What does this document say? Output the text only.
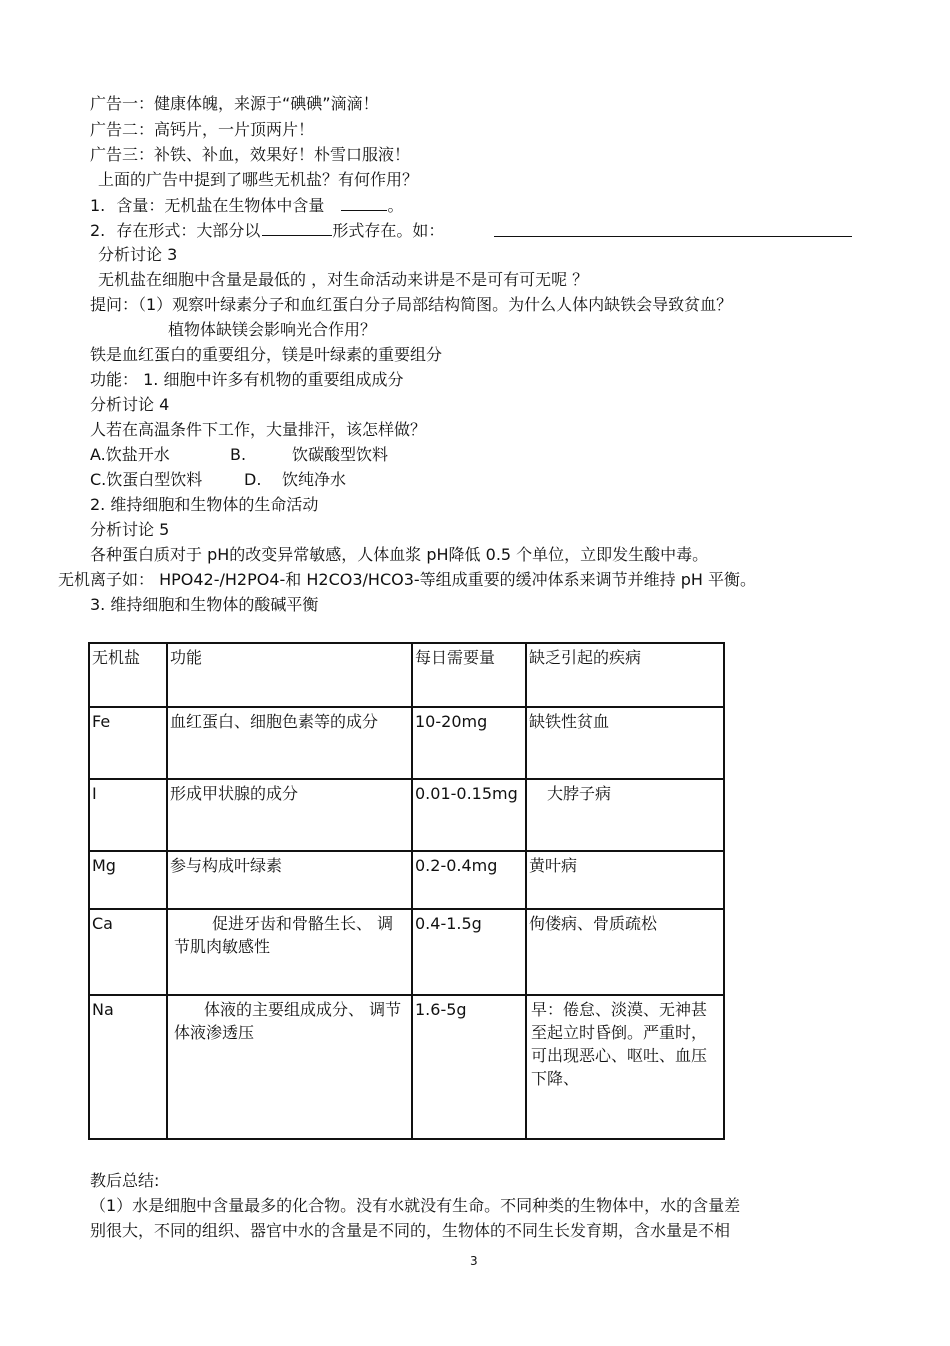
广告一：健康体魄，来源于“碘碘”滴滴！
广告二：高钙片，一片顶两片！
广告三：补铁、补血，效果好！朴雪口服液！
上面的广告中提到了哪些无机盐？有何作用？
1. 含量：无机盐在生物体中含量	。
2. 存在形式：大部分以	形式存在。如：
分析讨论 3
无机盐在细胞中含量是最低的 ，对生命活动来讲是不是可有可无呢 ？
提问：（1）观察叶绿素分子和血红蛋白分子局部结构简图。为什么人体内缺铁会导致贫血？
植物体缺镁会影响光合作用？
铁是血红蛋白的重要组分，镁是叶绿素的重要组分
功能： 1. 细胞中许多有机物的重要组成成分
分析讨论 4
人若在高温条件下工作，大量排汗，该怎样做？
A.饮盐开水	B.	饮碳酸型饮料
C.饮蛋白型饮料	D. 饮纯净水
2. 维持细胞和生物体的生命活动
分析讨论 5
各种蛋白质对于 pH的改变异常敏感，人体血浆 pH降低 0.5 个单位，立即发生酸中毒。
无机离子如： HPO42-/H2PO4-和 H2CO3/HCO3-等组成重要的缓冲体系来调节并维持 pH 平衡。
3. 维持细胞和生物体的酸碱平衡
无机盐	功能	每日需要量	缺乏引起的疾病
Fe	血红蛋白、细胞色素等的成分	10-20mg	缺铁性贫血
I	形成甲状腺的成分	0.01-0.15mg	大脖子病
Mg	参与构成叶绿素	0.2-0.4mg	黄叶病
Ca	促进牙齿和骨骼生长、 调节肌肉敏感性	0.4-1.5g	佝偻病、骨质疏松
Na	体液的主要组成成分、 调节体液渗透压	1.6-5g	早：倦怠、淡漠、无神甚至起立时昏倒。严重时，可出现恶心、呕吐、血压下降、
教后总结:
（1）水是细胞中含量最多的化合物。没有水就没有生命。不同种类的生物体中，水的含量差
别很大，不同的组织、器官中水的含量是不同的，生物体的不同生长发育期，含水量是不相
3
